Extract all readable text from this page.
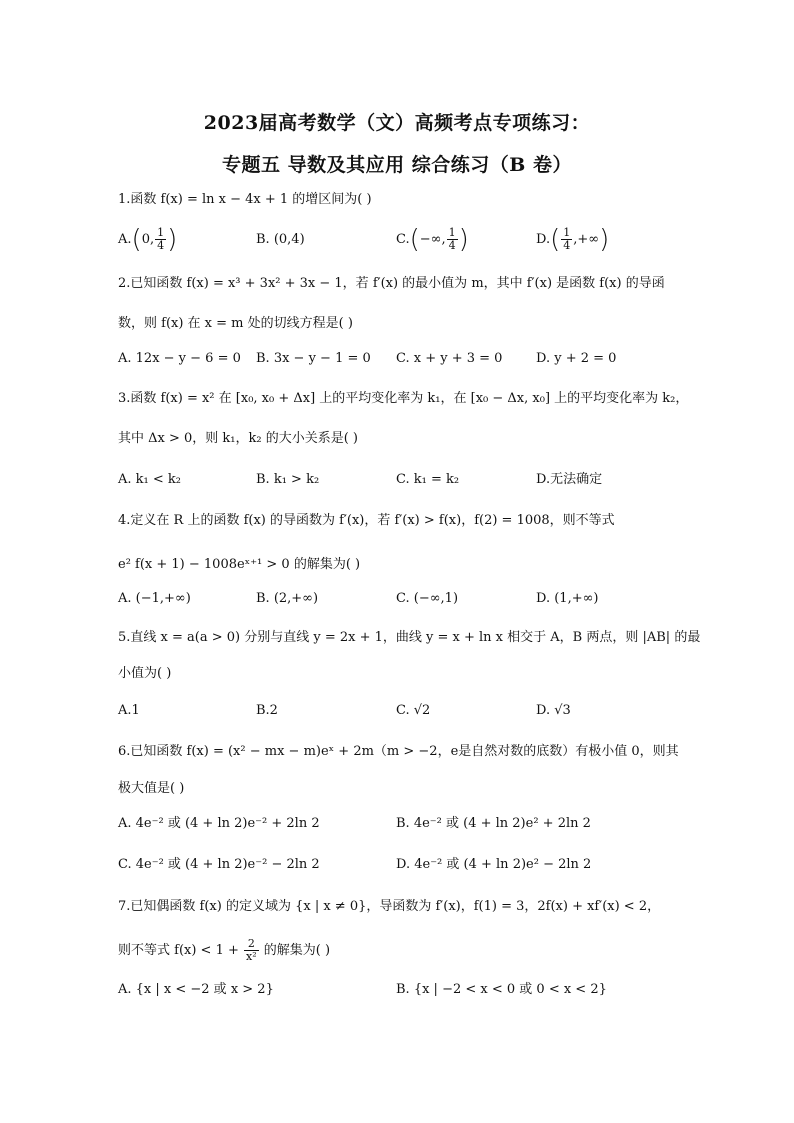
2023届高考数学（文）高频考点专项练习：
专题五 导数及其应用 综合练习（B 卷）
1.函数 f(x) = ln x − 4x + 1 的增区间为( )
A.(0, $\frac{1}{4}$ )	B. (0,4)	C.(−∞, $\frac{1}{4}$ )	$D.( \frac{1}{4}$ ,+∞)
2.已知函数 f(x) = x³ + 3x² + 3x − 1，若 f′(x) 的最小值为 m，其中 f′(x) 是函数 f(x) 的导函
数，则 f(x) 在 x = m 处的切线方程是( )
A. 12x − y − 6 = 0 B. 3x − y − 1 = 0 C. x + y + 3 = 0	D. y + 2 = 0
3.函数 f(x) = x² 在 [x₀, x₀ + Δx] 上的平均变化率为 k₁，在 [x₀ − Δx, x₀] 上的平均变化率为 k₂，
其中 Δx > 0，则 k₁，k₂ 的大小关系是( )
A. k₁ < k₂	B. k₁ > k₂	C. k₁ = k₂	D.无法确定
4.定义在 R 上的函数 f(x) 的导函数为 f′(x)，若 f′(x) > f(x)，f(2) = 1008，则不等式
e² f(x + 1) − 1008eˣ⁺¹ > 0 的解集为( )
A. (−1,+∞)	B. (2,+∞)	C. (−∞,1)	D. (1,+∞)
5.直线 x = a(a > 0) 分别与直线 y = 2x + 1，曲线 y = x + ln x 相交于 A，B 两点，则 |AB| 的最
小值为( )
A.1	B.2	C. √2	D. √3
6.已知函数 f(x) = (x² − mx − m)eˣ + 2m（m > −2，e是自然对数的底数）有极小值 0，则其
极大值是( )
A. 4e⁻² 或 (4 + ln 2)e⁻² + 2ln 2	B. 4e⁻² 或 (4 + ln 2)e² + 2ln 2
C. 4e⁻² 或 (4 + ln 2)e⁻² − 2ln 2	D. 4e⁻² 或 (4 + ln 2)e² − 2ln 2
7.已知偶函数 f(x) 的定义域为 {x | x ≠ 0}，导函数为 f′(x)，f(1) = 3，2f(x) + xf′(x) < 2，
则不等式 $f(x) < 1 + \frac{2}{\text{x²}}$ 的解集为( )
A. {x | x < −2 或 x > 2}	B. {x | −2 < x < 0 或 0 < x < 2}
